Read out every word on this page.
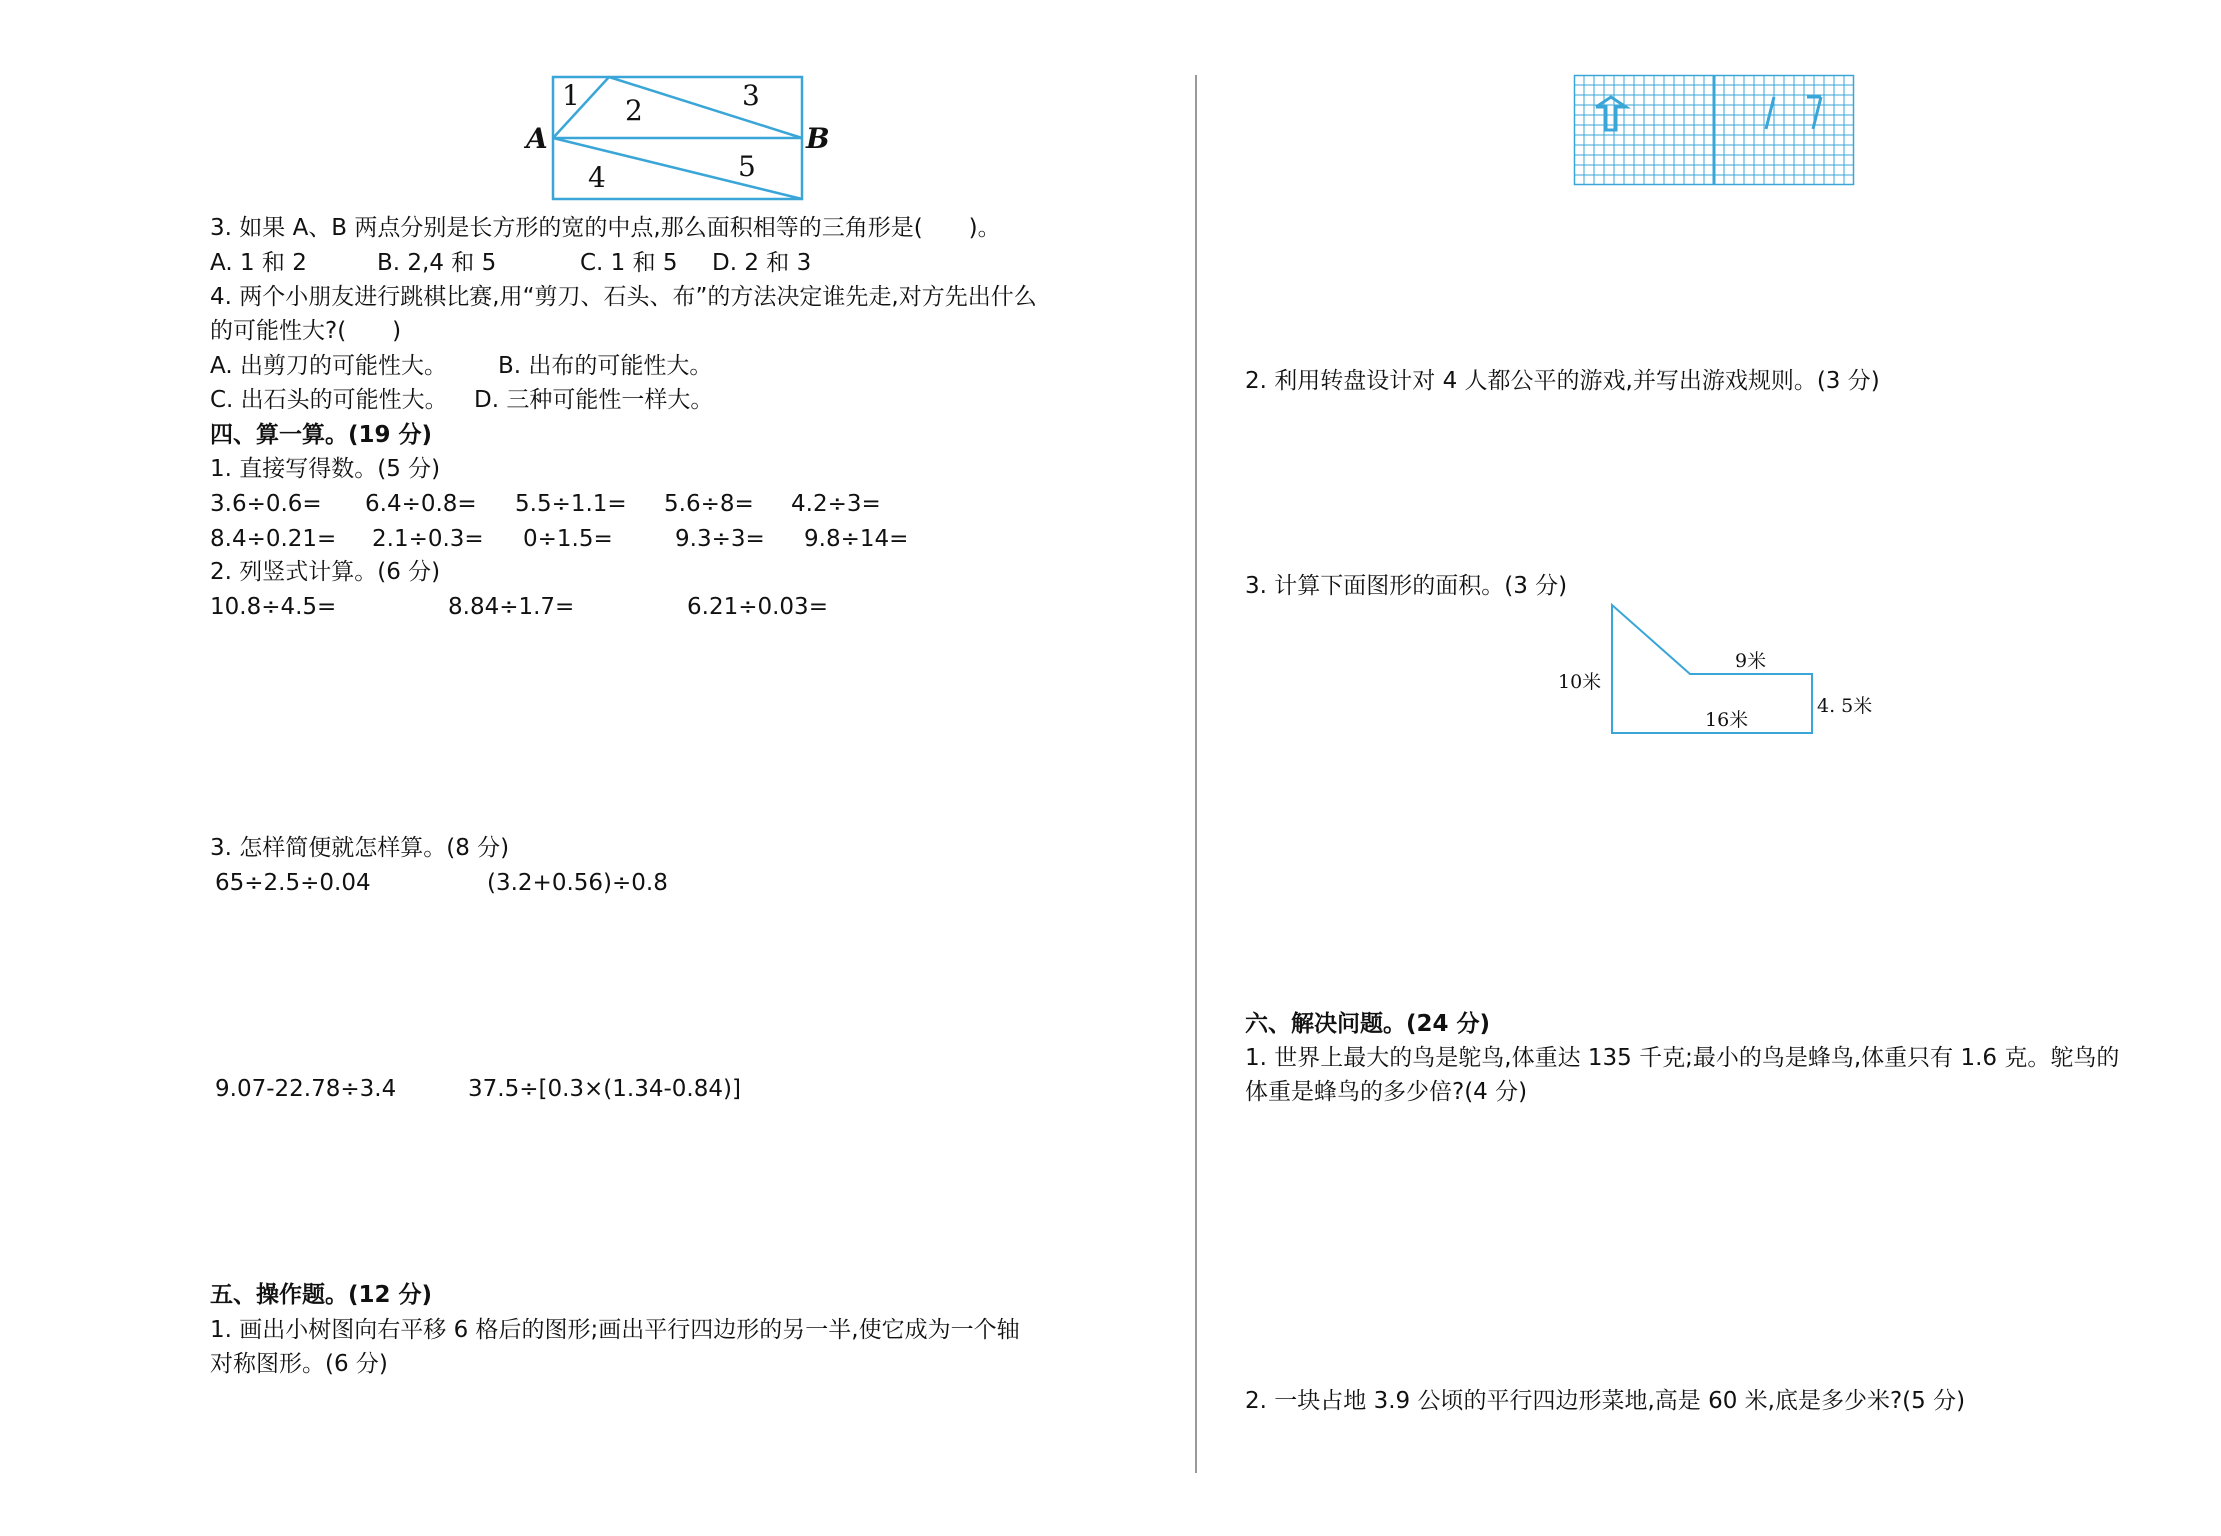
1 2	3
4	5
A	B
3. 如果 A、B 两点分别是长方形的宽的中点,那么面积相等的三角形是(　　)。
A. 1 和 2	B. 2,4 和 5	C. 1 和 5 D. 2 和 3
4. 两个小朋友进行跳棋比赛,用“剪刀、石头、布”的方法决定谁先走,对方先出什么
的可能性大?(　　)
A. 出剪刀的可能性大。 B. 出布的可能性大。
C. 出石头的可能性大。 D. 三种可能性一样大。
四、算一算。(19 分)
1. 直接写得数。(5 分)
3.6÷0.6= 6.4÷0.8= 5.5÷1.1= 5.6÷8= 4.2÷3=
8.4÷0.21= 2.1÷0.3= 0÷1.5=	9.3÷3= 9.8÷14=
2. 列竖式计算。(6 分)
10.8÷4.5=	8.84÷1.7=	6.21÷0.03=
3. 怎样简便就怎样算。(8 分)
65÷2.5÷0.04	(3.2+0.56)÷0.8
9.07-22.78÷3.4	37.5÷[0.3×(1.34-0.84)]
五、操作题。(12 分)
1. 画出小树图向右平移 6 格后的图形;画出平行四边形的另一半,使它成为一个轴
对称图形。(6 分)
2. 利用转盘设计对 4 人都公平的游戏,并写出游戏规则。(3 分)
3. 计算下面图形的面积。(3 分)
10米
9米
16米
4. 5米
六、解决问题。(24 分)
1. 世界上最大的鸟是鸵鸟,体重达 135 千克;最小的鸟是蜂鸟,体重只有 1.6 克。鸵鸟的
体重是蜂鸟的多少倍?(4 分)
2. 一块占地 3.9 公顷的平行四边形菜地,高是 60 米,底是多少米?(5 分)
